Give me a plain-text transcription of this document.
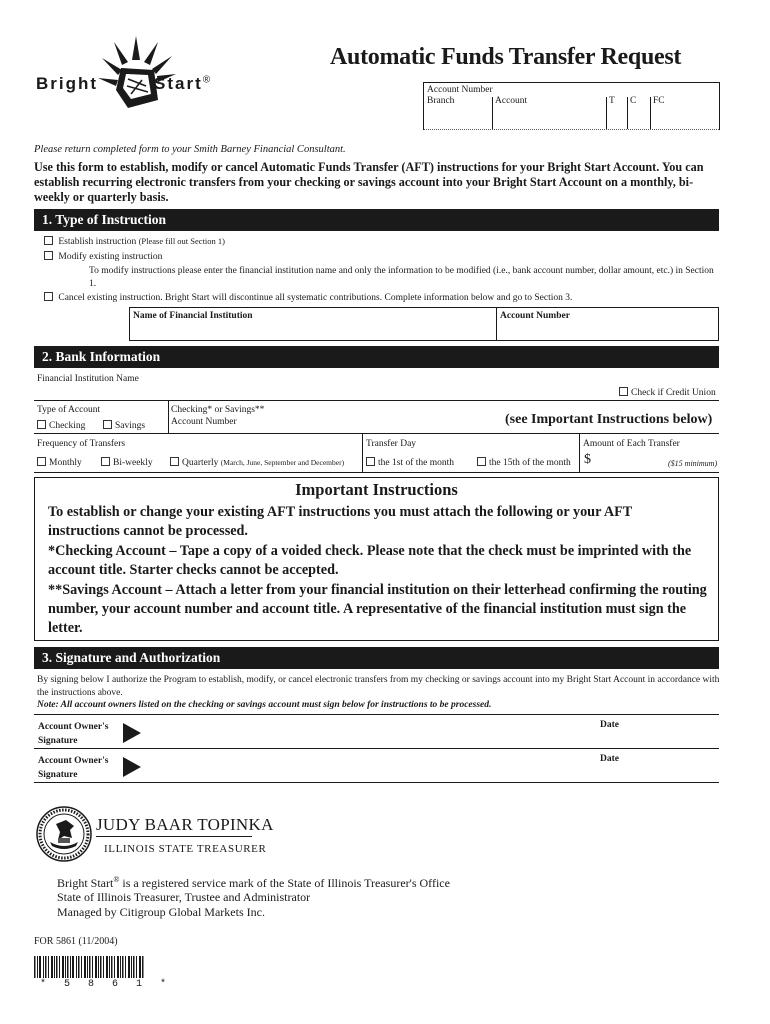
Bright	Start®
Automatic Funds Transfer Request
Account Number
Branch	Account	T C FC
Please return completed form to your Smith Barney Financial Consultant.
Use this form to establish, modify or cancel Automatic Funds Transfer (AFT) instructions for your Bright Start Account. You can establish recurring electronic transfers from your checking or savings account into your Bright Start Account on a monthly, bi-weekly or quarterly basis.
1. Type of Instruction
Establish instruction (Please fill out Section 1)
Modify existing instruction
To modify instructions please enter the financial institution name and only the information to be modified (i.e., bank account number, dollar amount, etc.) in Section 1.
Cancel existing instruction. Bright Start will discontinue all systematic contributions. Complete information below and go to Section 3.
Name of Financial Institution	Account Number
2. Bank Information
Financial Institution Name
Check if Credit Union
Type of Account
Checking	Savings
Checking* or Savings**
Account Number	(see Important Instructions below)
Frequency of Transfers
Monthly	Bi-weekly	Quarterly (March, June, September and December)
Transfer Day
the 1st of the month	the 15th of the month
Amount of Each Transfer
$	($15 minimum)
Important Instructions
To establish or change your existing AFT instructions you must attach the following or your AFT instructions cannot be processed.
*Checking Account – Tape a copy of a voided check. Please note that the check must be imprinted with the account title. Starter checks cannot be accepted.
**Savings Account – Attach a letter from your financial institution on their letterhead confirming the routing number, your account number and account title. A representative of the financial institution must sign the letter.
3. Signature and Authorization
By signing below I authorize the Program to establish, modify, or cancel electronic transfers from my checking or savings account into my Bright Start Account in accordance with the instructions above.
Note: All account owners listed on the checking or savings account must sign below for instructions to be processed.
Account Owner's
Signature
Date
Account Owner's
Signature
Date
JUDY BAAR TOPINKA
ILLINOIS STATE TREASURER
Bright Start® is a registered service mark of the State of Illinois Treasurer's Office
State of Illinois Treasurer, Trustee and Administrator
Managed by Citigroup Global Markets Inc.
FOR 5861 (11/2004)
* 5 8 6 1 *
